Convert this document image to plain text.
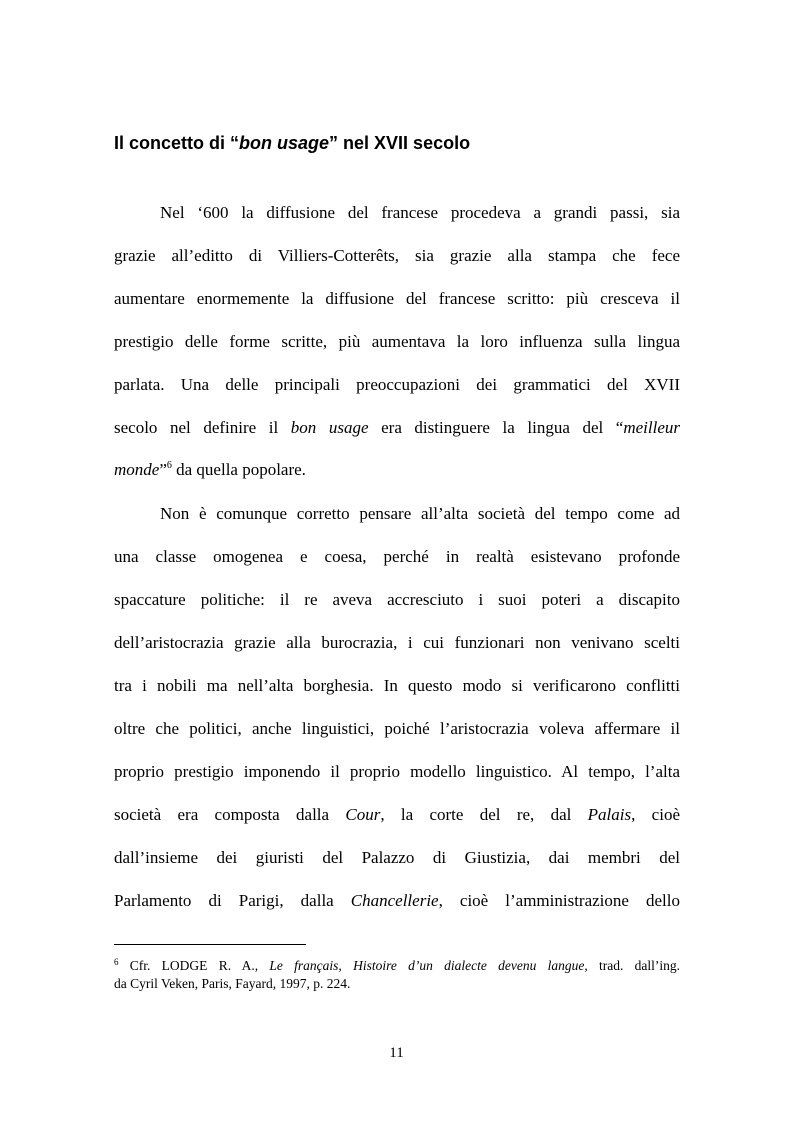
Il concetto di “bon usage” nel XVII secolo
Nel ‘600 la diffusione del francese procedeva a grandi passi, sia
grazie all’editto di Villiers-Cotterêts, sia grazie alla stampa che fece
aumentare enormemente la diffusione del francese scritto: più cresceva il
prestigio delle forme scritte, più aumentava la loro influenza sulla lingua
parlata. Una delle principali preoccupazioni dei grammatici del XVII
secolo nel definire il bon usage era distinguere la lingua del “meilleur
monde”$^6$ da quella popolare.
Non è comunque corretto pensare all’alta società del tempo come ad
una classe omogenea e coesa, perché in realtà esistevano profonde
spaccature politiche: il re aveva accresciuto i suoi poteri a discapito
dell’aristocrazia grazie alla burocrazia, i cui funzionari non venivano scelti
tra i nobili ma nell’alta borghesia. In questo modo si verificarono conflitti
oltre che politici, anche linguistici, poiché l’aristocrazia voleva affermare il
proprio prestigio imponendo il proprio modello linguistico. Al tempo, l’alta
società era composta dalla Cour, la corte del re, dal Palais, cioè
dall’insieme dei giuristi del Palazzo di Giustizia, dai membri del
Parlamento di Parigi, dalla Chancellerie, cioè l’amministrazione dello
$^6$ Cfr. LODGE R. A., Le français, Histoire d’un dialecte devenu langue, trad. dall’ing.
da Cyril Veken, Paris, Fayard, 1997, p. 224.
11
